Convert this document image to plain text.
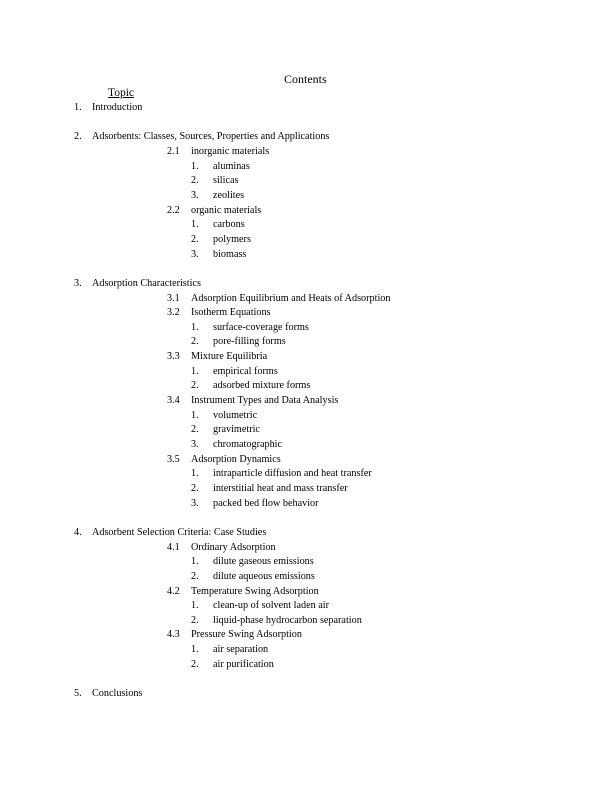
Contents
Topic
1. Introduction
2. Adsorbents: Classes, Sources, Properties and Applications
2.1 inorganic materials
1. aluminas
2. silicas
3. zeolites
2.2 organic materials
1. carbons
2. polymers
3. biomass
3. Adsorption Characteristics
3.1 Adsorption Equilibrium and Heats of Adsorption
3.2 Isotherm Equations
1. surface-coverage forms
2. pore-filling forms
3.3 Mixture Equilibria
1. empirical forms
2. adsorbed mixture forms
3.4 Instrument Types and Data Analysis
1. volumetric
2. gravimetric
3. chromatographic
3.5 Adsorption Dynamics
1. intraparticle diffusion and heat transfer
2. interstitial heat and mass transfer
3. packed bed flow behavior
4. Adsorbent Selection Criteria: Case Studies
4.1 Ordinary Adsorption
1. dilute gaseous emissions
2. dilute aqueous emissions
4.2 Temperature Swing Adsorption
1. clean-up of solvent laden air
2. liquid-phase hydrocarbon separation
4.3 Pressure Swing Adsorption
1. air separation
2. air purification
5. Conclusions
